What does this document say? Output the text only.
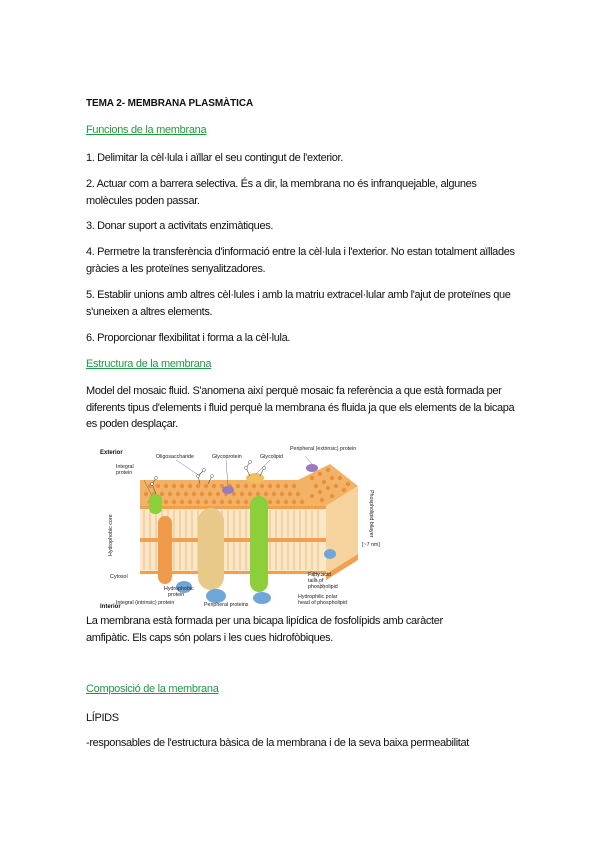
TEMA 2- MEMBRANA PLASMÀTICA
Funcions de la membrana

1. Delimitar la cèl·lula i aïllar el seu contingut de l'exterior.

2. Actuar com a barrera selectiva. És a dir, la membrana no és infranquejable, algunes molècules poden passar.

3. Donar suport a activitats enzimàtiques.

4. Permetre la transferència d'informació entre la cèl·lula i l'exterior. No estan totalment aïllades gràcies a les proteïnes senyalitzadores.

5. Establir unions amb altres cèl·lules i amb la matriu extracel·lular amb l'ajut de proteïnes que s'uneixen a altres elements.

6. Proporcionar flexibilitat i forma a la cèl·lula.

Estructura de la membrana

Model del mosaic fluid. S'anomena així perquè mosaic fa referència a que està formada per diferents tipus d'elements i fluid perquè la membrana és fluida ja que els elements de la bicapa es poden desplaçar.

Exterior
Oligosaccharide	Glycoprotein	Glycolipid
Peripheral (extrinsic) protein
Integral
protein
Hydrophobic core	Phospholipid bilayer
[~7 nm]
Cytosol
Hydrophobic
protein
Integral (intrinsic) protein	Peripheral proteins
Fatty acid
tails of
phospholipid
Hydrophilic polar
head of phospholipid
Interior

La membrana està formada per una bicapa lipídica de fosfolípids amb caràcter amfipàtic. Els caps són polars i les cues hidrofòbiques.

Composició de la membrana

LÍPIDS

-responsables de l'estructura bàsica de la membrana i de la seva baixa permeabilitat
